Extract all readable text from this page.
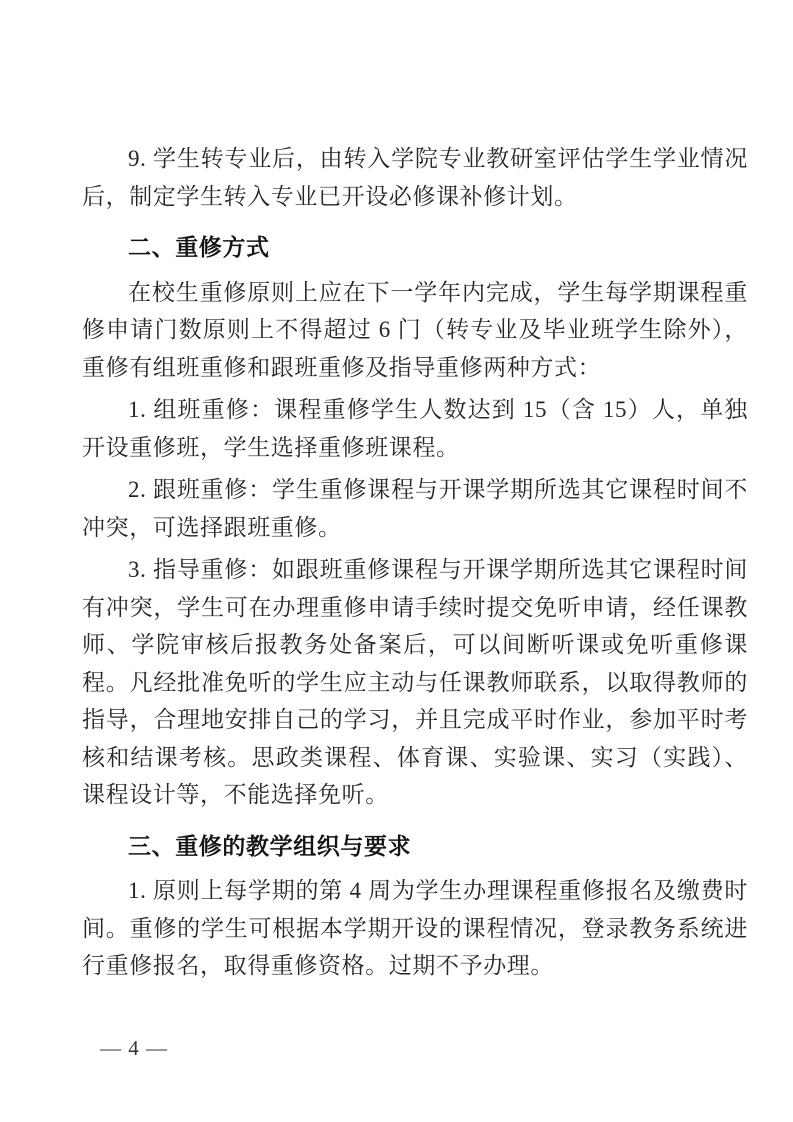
9. 学生转专业后，由转入学院专业教研室评估学生学业情况后，制定学生转入专业已开设必修课补修计划。

二、重修方式

在校生重修原则上应在下一学年内完成，学生每学期课程重修申请门数原则上不得超过 6 门（转专业及毕业班学生除外），重修有组班重修和跟班重修及指导重修两种方式：

1. 组班重修：课程重修学生人数达到 15（含 15）人，单独开设重修班，学生选择重修班课程。

2. 跟班重修：学生重修课程与开课学期所选其它课程时间不冲突，可选择跟班重修。

3. 指导重修：如跟班重修课程与开课学期所选其它课程时间有冲突，学生可在办理重修申请手续时提交免听申请，经任课教师、学院审核后报教务处备案后，可以间断听课或免听重修课程。凡经批准免听的学生应主动与任课教师联系，以取得教师的指导，合理地安排自己的学习，并且完成平时作业，参加平时考核和结课考核。思政类课程、体育课、实验课、实习（实践）、课程设计等，不能选择免听。

三、重修的教学组织与要求

1. 原则上每学期的第 4 周为学生办理课程重修报名及缴费时间。重修的学生可根据本学期开设的课程情况，登录教务系统进行重修报名，取得重修资格。过期不予办理。

— 4 —
